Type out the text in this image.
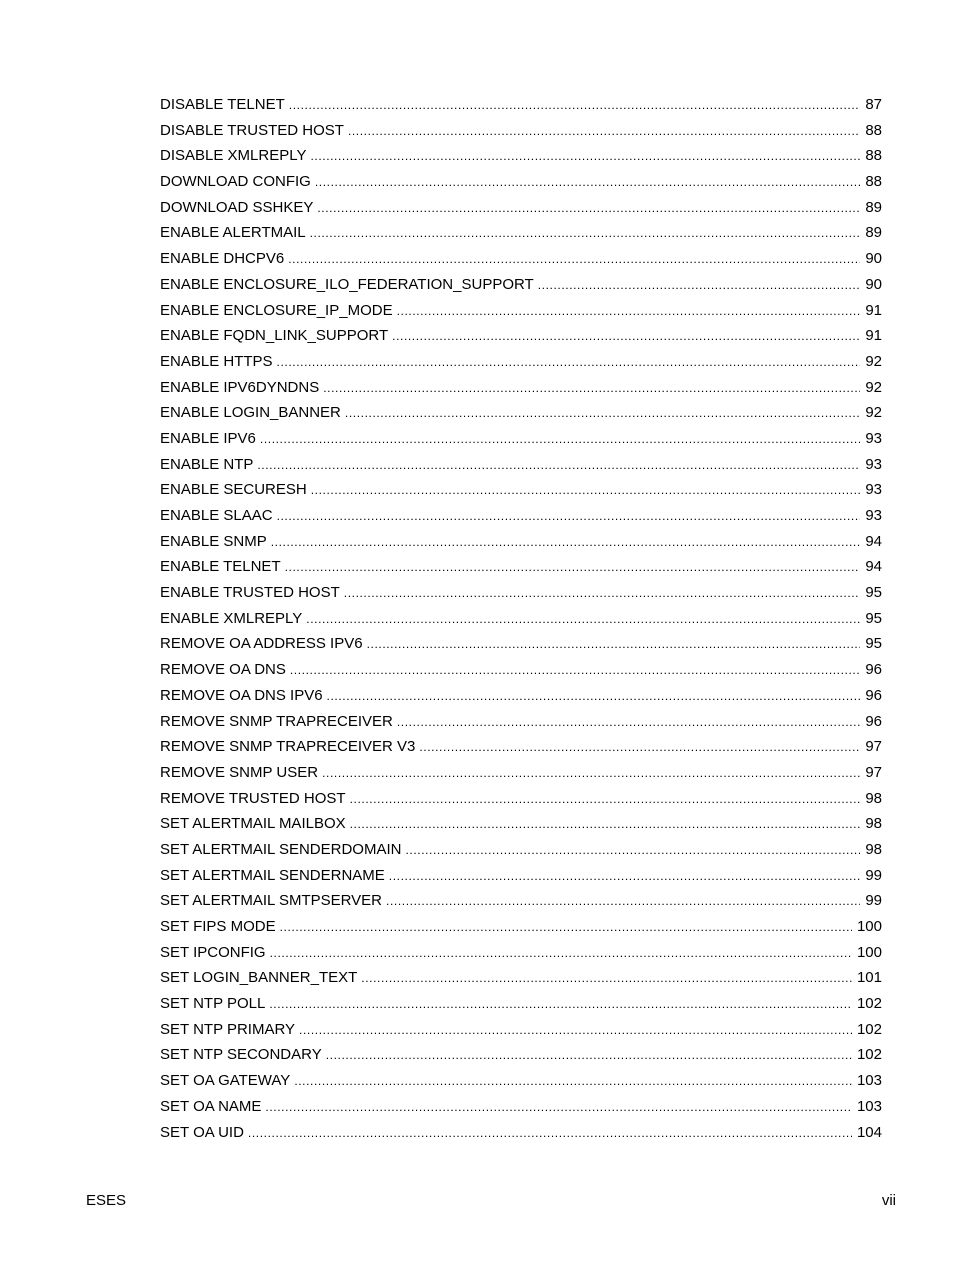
DISABLE TELNET .....	87
DISABLE TRUSTED HOST .....	88
DISABLE XMLREPLY .....	88
DOWNLOAD CONFIG .....	88
DOWNLOAD SSHKEY .....	89
ENABLE ALERTMAIL .....	89
ENABLE DHCPV6 .....	90
ENABLE ENCLOSURE_ILO_FEDERATION_SUPPORT .....	90
ENABLE ENCLOSURE_IP_MODE .....	91
ENABLE FQDN_LINK_SUPPORT .....	91
ENABLE HTTPS .....	92
ENABLE IPV6DYNDNS .....	92
ENABLE LOGIN_BANNER .....	92
ENABLE IPV6 .....	93
ENABLE NTP .....	93
ENABLE SECURESH .....	93
ENABLE SLAAC .....	93
ENABLE SNMP .....	94
ENABLE TELNET .....	94
ENABLE TRUSTED HOST .....	95
ENABLE XMLREPLY .....	95
REMOVE OA ADDRESS IPV6 .....	95
REMOVE OA DNS .....	96
REMOVE OA DNS IPV6 .....	96
REMOVE SNMP TRAPRECEIVER .....	96
REMOVE SNMP TRAPRECEIVER V3 .....	97
REMOVE SNMP USER .....	97
REMOVE TRUSTED HOST .....	98
SET ALERTMAIL MAILBOX .....	98
SET ALERTMAIL SENDERDOMAIN .....	98
SET ALERTMAIL SENDERNAME .....	99
SET ALERTMAIL SMTPSERVER .....	99
SET FIPS MODE .....	100
SET IPCONFIG .....	100
SET LOGIN_BANNER_TEXT .....	101
SET NTP POLL .....	102
SET NTP PRIMARY .....	102
SET NTP SECONDARY .....	102
SET OA GATEWAY .....	103
SET OA NAME .....	103
SET OA UID .....	104
ESES	vii
